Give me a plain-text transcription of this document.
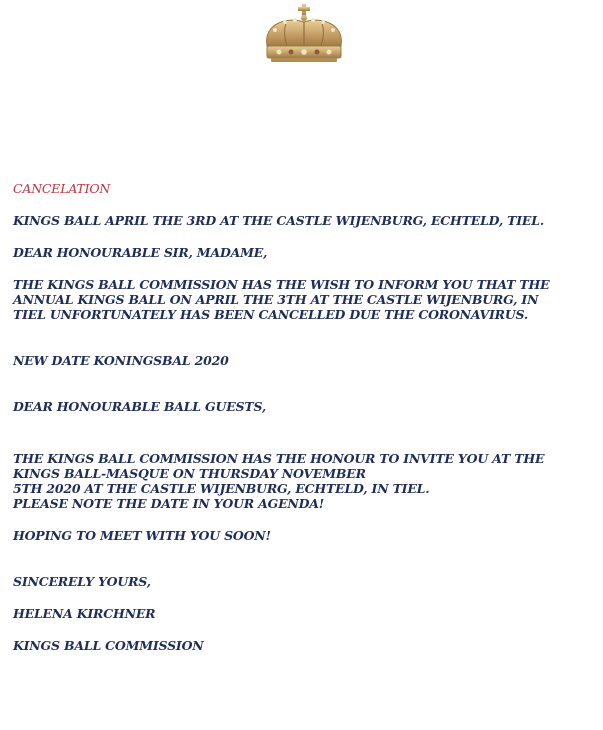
CANCELATION

KINGS BALL APRIL THE 3RD AT THE CASTLE WIJENBURG, ECHTELD, TIEL.

DEAR HONOURABLE SIR, MADAME,

THE KINGS BALL COMMISSION HAS THE WISH TO INFORM YOU THAT THE
ANNUAL KINGS BALL ON APRIL THE 3TH AT THE CASTLE WIJENBURG, IN
TIEL UNFORTUNATELY HAS BEEN CANCELLED DUE THE CORONAVIRUS.

NEW DATE KONINGSBAL 2020

DEAR HONOURABLE BALL GUESTS,

THE KINGS BALL COMMISSION HAS THE HONOUR TO INVITE YOU AT THE
KINGS BALL-MASQUE ON THURSDAY NOVEMBER
5TH 2020 AT THE CASTLE WIJENBURG, ECHTELD, IN TIEL.
PLEASE NOTE THE DATE IN YOUR AGENDA!

HOPING TO MEET WITH YOU SOON!

SINCERELY YOURS,

HELENA KIRCHNER

KINGS BALL COMMISSION
